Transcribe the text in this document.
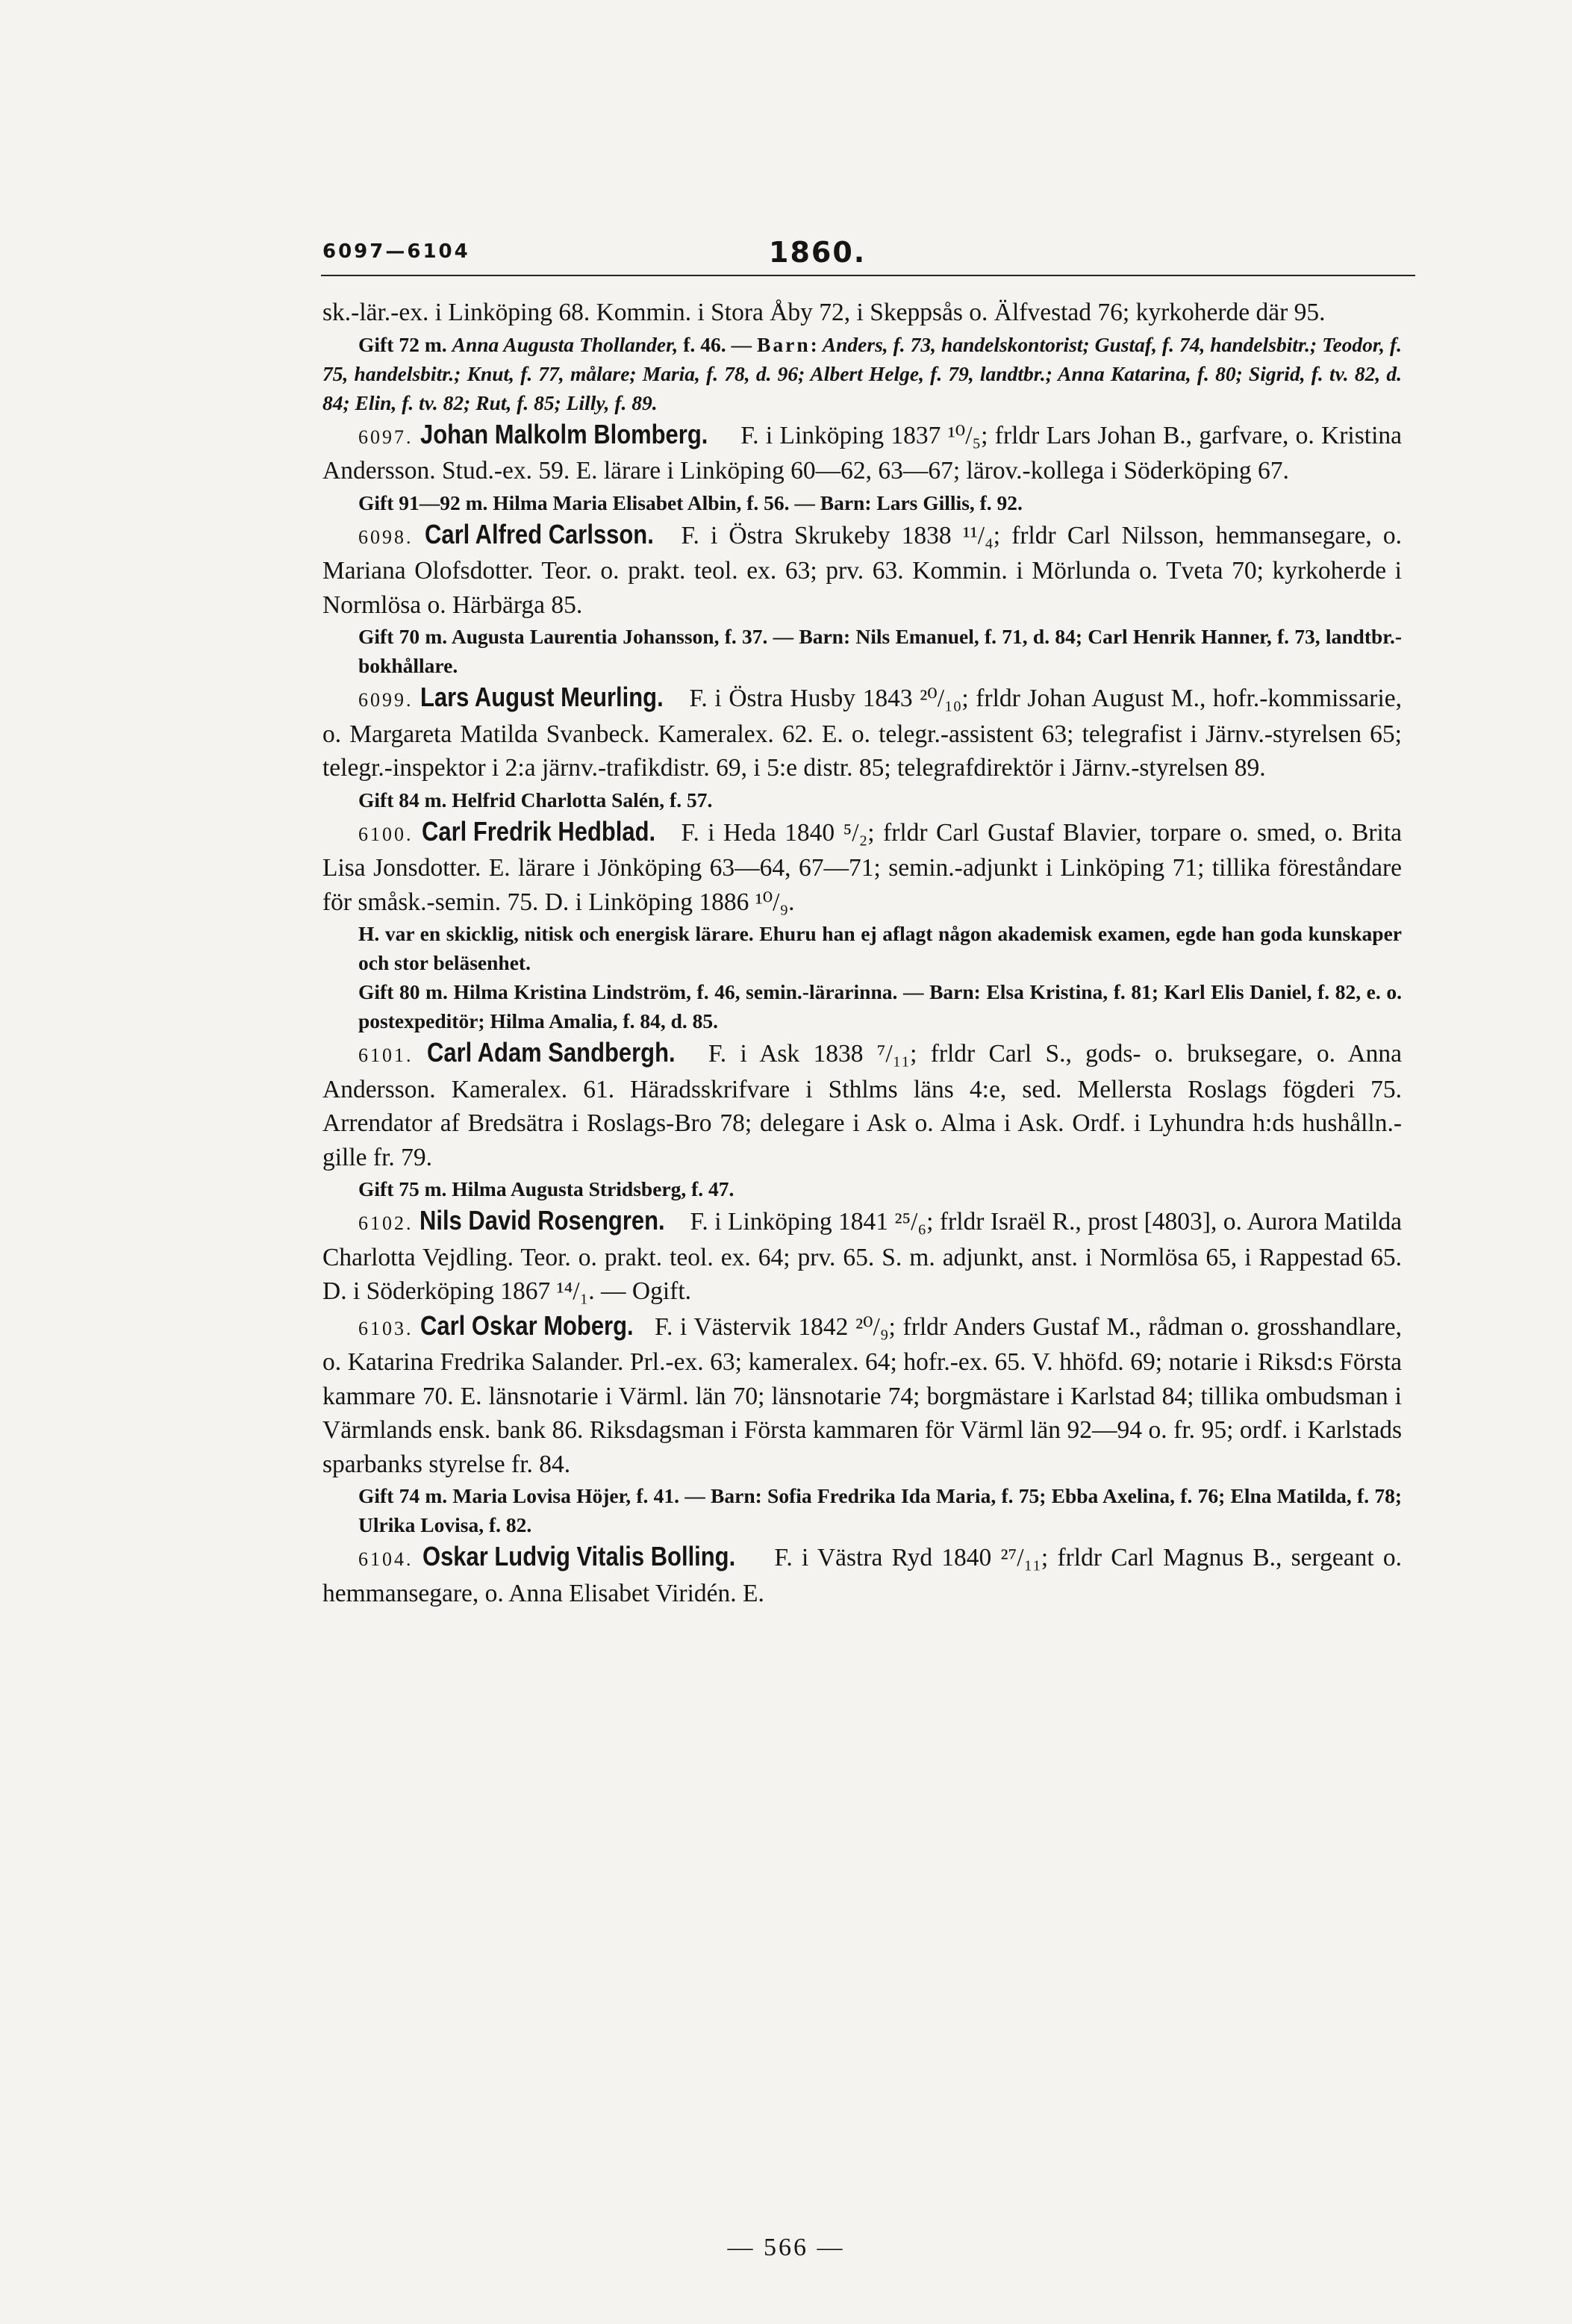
6097—6104	1860.

sk.-lär.-ex. i Linköping 68. Kommin. i Stora Åby 72, i Skeppsås o. Älfvestad 76; kyrkoherde där 95.

Gift 72 m. Anna Augusta Thollander, f. 46. — Barn: Anders, f. 73, handelskontorist; Gustaf, f. 74, handelsbitr.; Teodor, f. 75, handelsbitr.; Knut, f. 77, målare; Maria, f. 78, d. 96; Albert Helge, f. 79, landtbr.; Anna Katarina, f. 80; Sigrid, f. tv. 82, d. 84; Elin, f. tv. 82; Rut, f. 85; Lilly, f. 89.

6097. Johan Malkolm Blomberg. F. i Linköping 1837 ¹⁰/₅; frldr Lars Johan B., garfvare, o. Kristina Andersson. Stud.-ex. 59. E. lärare i Linköping 60—62, 63—67; lärov.-kollega i Söderköping 67.

Gift 91—92 m. Hilma Maria Elisabet Albin, f. 56. — Barn: Lars Gillis, f. 92.

6098. Carl Alfred Carlsson. F. i Östra Skrukeby 1838 ¹¹/₄; frldr Carl Nilsson, hemmansegare, o. Mariana Olofsdotter. Teor. o. prakt. teol. ex. 63; prv. 63. Kommin. i Mörlunda o. Tveta 70; kyrkoherde i Normlösa o. Härbärga 85.

Gift 70 m. Augusta Laurentia Johansson, f. 37. — Barn: Nils Emanuel, f. 71, d. 84; Carl Henrik Hanner, f. 73, landtbr.-bokhållare.

6099. Lars August Meurling. F. i Östra Husby 1843 ²⁰/₁₀; frldr Johan August M., hofr.-kommissarie, o. Margareta Matilda Svanbeck. Kameralex. 62. E. o. telegr.-assistent 63; telegrafist i Järnv.-styrelsen 65; telegr.-inspektor i 2:a järnv.-trafikdistr. 69, i 5:e distr. 85; telegrafdirektör i Järnv.-styrelsen 89.

Gift 84 m. Helfrid Charlotta Salén, f. 57.

6100. Carl Fredrik Hedblad. F. i Heda 1840 ⁵/₂; frldr Carl Gustaf Blavier, torpare o. smed, o. Brita Lisa Jonsdotter. E. lärare i Jönköping 63—64, 67—71; semin.-adjunkt i Linköping 71; tillika föreståndare för småsk.-semin. 75. D. i Linköping 1886 ¹⁰/₉.

H. var en skicklig, nitisk och energisk lärare. Ehuru han ej aflagt någon akademisk examen, egde han goda kunskaper och stor beläsenhet.

Gift 80 m. Hilma Kristina Lindström, f. 46, semin.-lärarinna. — Barn: Elsa Kristina, f. 81; Karl Elis Daniel, f. 82, e. o. postexpeditör; Hilma Amalia, f. 84, d. 85.

6101. Carl Adam Sandbergh. F. i Ask 1838 ⁷/₁₁; frldr Carl S., gods- o. bruksegare, o. Anna Andersson. Kameralex. 61. Häradsskrifvare i Sthlms läns 4:e, sed. Mellersta Roslags fögderi 75. Arrendator af Bredsätra i Roslags-Bro 78; delegare i Ask o. Alma i Ask. Ordf. i Lyhundra h:ds hushålln.-gille fr. 79.

Gift 75 m. Hilma Augusta Stridsberg, f. 47.

6102. Nils David Rosengren. F. i Linköping 1841 ²⁵/₆; frldr Israël R., prost [4803], o. Aurora Matilda Charlotta Vejdling. Teor. o. prakt. teol. ex. 64; prv. 65. S. m. adjunkt, anst. i Normlösa 65, i Rappestad 65. D. i Söderköping 1867 ¹⁴/₁. — Ogift.

6103. Carl Oskar Moberg. F. i Västervik 1842 ²⁰/₉; frldr Anders Gustaf M., rådman o. grosshandlare, o. Katarina Fredrika Salander. Prl.-ex. 63; kameralex. 64; hofr.-ex. 65. V. hhöfd. 69; notarie i Riksd:s Första kammare 70. E. länsnotarie i Värml. län 70; länsnotarie 74; borgmästare i Karlstad 84; tillika ombudsman i Värmlands ensk. bank 86. Riksdagsman i Första kammaren för Värml län 92—94 o. fr. 95; ordf. i Karlstads sparbanks styrelse fr. 84.

Gift 74 m. Maria Lovisa Höjer, f. 41. — Barn: Sofia Fredrika Ida Maria, f. 75; Ebba Axelina, f. 76; Elna Matilda, f. 78; Ulrika Lovisa, f. 82.

6104. Oskar Ludvig Vitalis Bolling. F. i Västra Ryd 1840 ²⁷/₁₁; frldr Carl Magnus B., sergeant o. hemmansegare, o. Anna Elisabet Viridén. E.

— 566 —
